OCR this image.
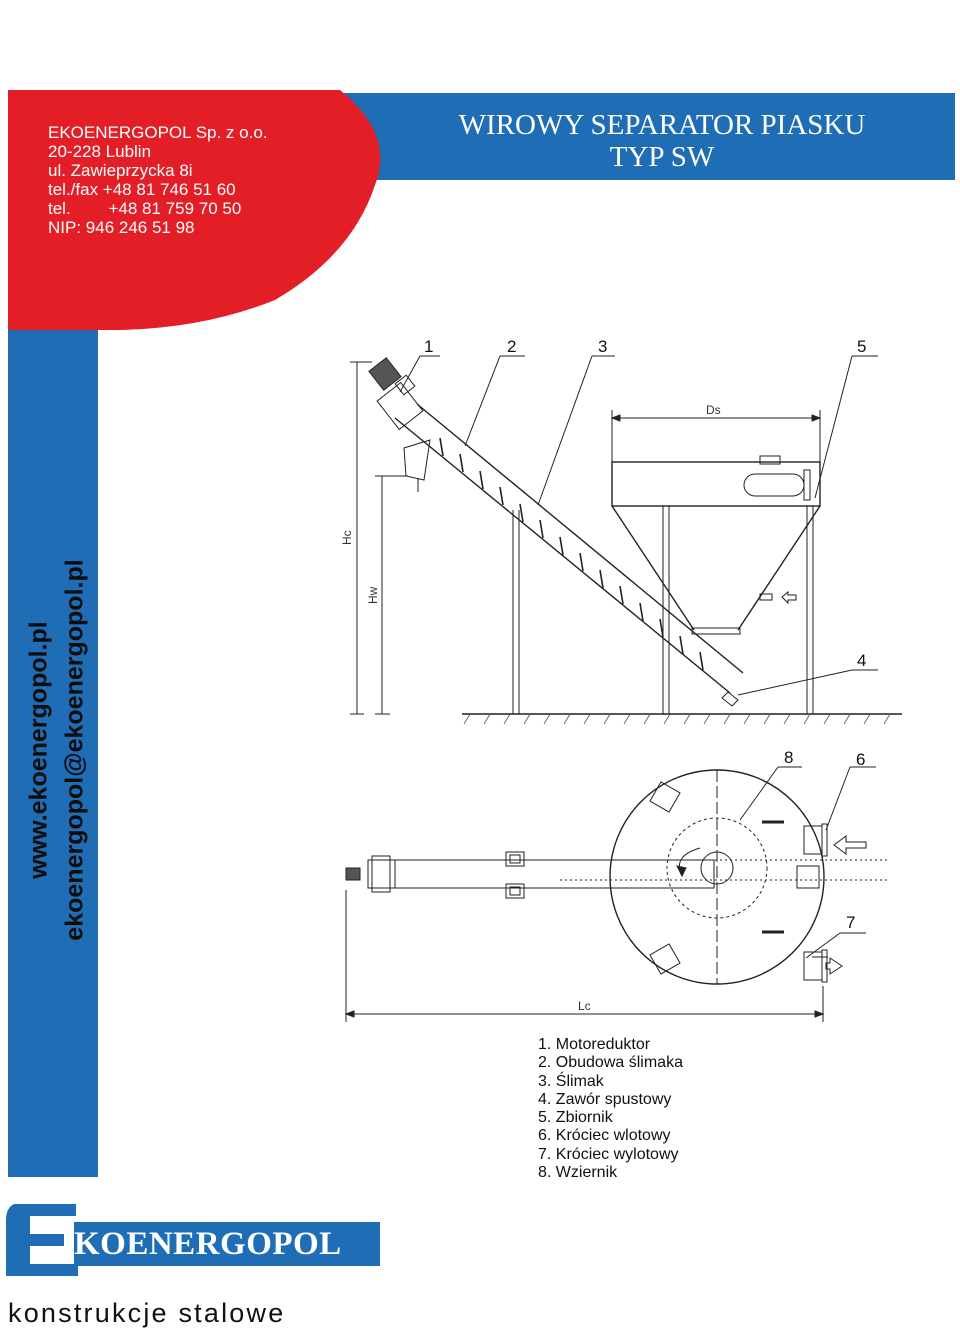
WIROWY SEPARATOR PIASKU
TYP SW
EKOENERGOPOL Sp. z o.o.
20-228 Lublin
ul. Zawieprzycka 8i
tel./fax +48 81 746 51 60
tel.        +48 81 759 70 50
NIP: 946 246 51 98
www.ekoenergopol.pl ekoenergopol@ekoenergopol.pl
1	2	3	5
4
8	6
7
Ds
Lc
Hc
Hw
1. Motoreduktor
2. Obudowa ślimaka
3. Ślimak
4. Zawór spustowy
5. Zbiornik
6. Króciec wlotowy
7. Króciec wylotowy
8. Wziernik
E
KOENERGOPOL
konstrukcje stalowe
